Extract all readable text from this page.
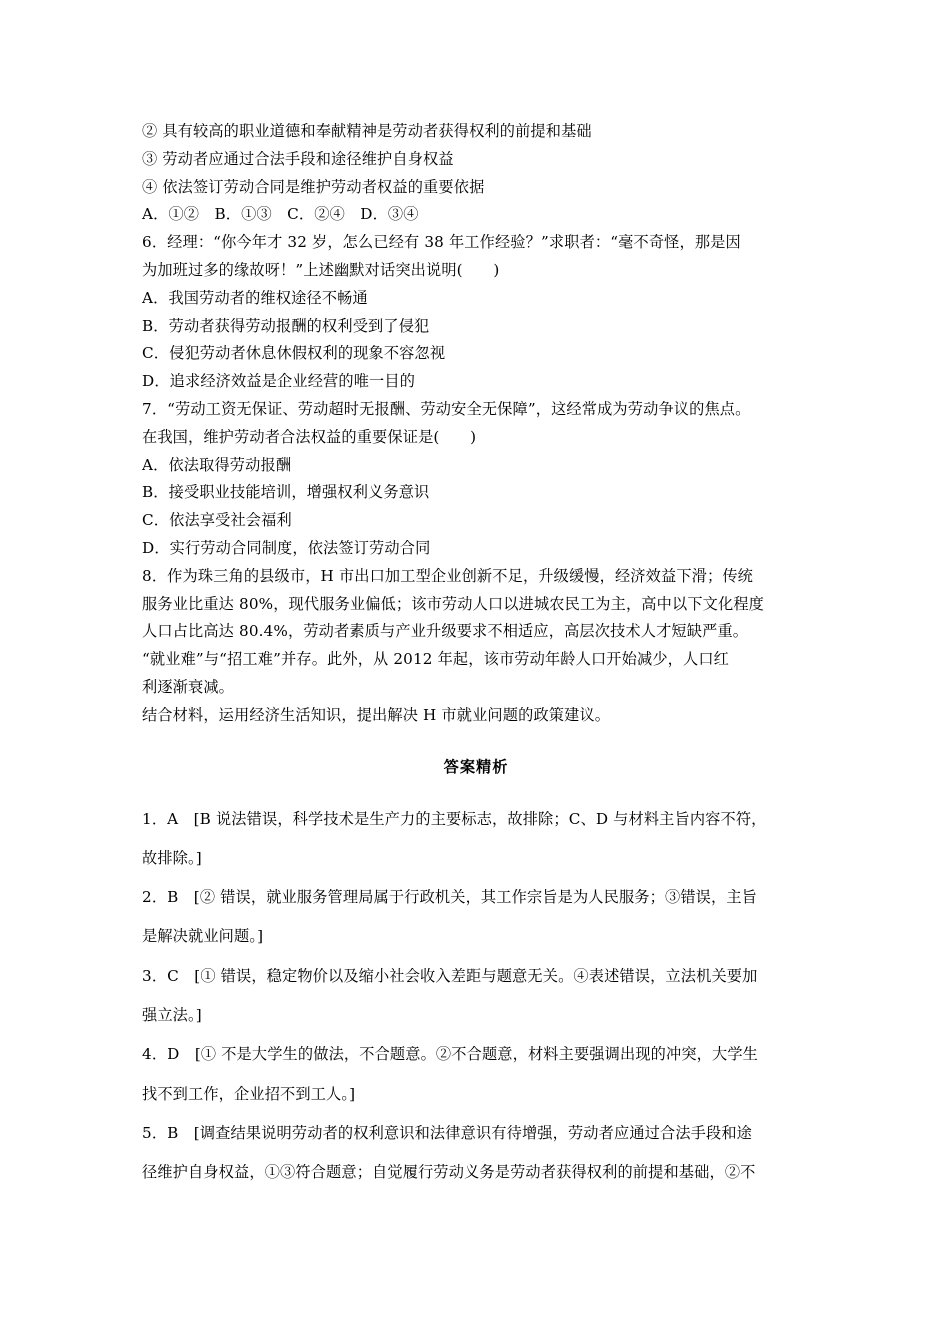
② 具有较高的职业道德和奉献精神是劳动者获得权利的前提和基础
③ 劳动者应通过合法手段和途径维护自身权益
④ 依法签订劳动合同是维护劳动者权益的重要依据
A．①②　B．①③　C．②④　D．③④
6．经理：“你今年才 32 岁，怎么已经有 38 年工作经验？”求职者：“毫不奇怪，那是因
为加班过多的缘故呀！”上述幽默对话突出说明(　　)
A．我国劳动者的维权途径不畅通
B．劳动者获得劳动报酬的权利受到了侵犯
C．侵犯劳动者休息休假权利的现象不容忽视
D．追求经济效益是企业经营的唯一目的
7．“劳动工资无保证、劳动超时无报酬、劳动安全无保障”，这经常成为劳动争议的焦点。
在我国，维护劳动者合法权益的重要保证是(　　)
A．依法取得劳动报酬
B．接受职业技能培训，增强权利义务意识
C．依法享受社会福利
D．实行劳动合同制度，依法签订劳动合同
8．作为珠三角的县级市，H 市出口加工型企业创新不足，升级缓慢，经济效益下滑；传统
服务业比重达 80%，现代服务业偏低；该市劳动人口以进城农民工为主，高中以下文化程度
人口占比高达 80.4%，劳动者素质与产业升级要求不相适应，高层次技术人才短缺严重。
“就业难”与“招工难”并存。此外，从 2012 年起，该市劳动年龄人口开始减少，人口红
利逐渐衰减。
结合材料，运用经济生活知识，提出解决 H 市就业问题的政策建议。
答案精析
1．A　[B 说法错误，科学技术是生产力的主要标志，故排除；C、D 与材料主旨内容不符，
故排除。]
2．B　[② 错误，就业服务管理局属于行政机关，其工作宗旨是为人民服务；③错误，主旨
是解决就业问题。]
3．C　[① 错误，稳定物价以及缩小社会收入差距与题意无关。④表述错误，立法机关要加
强立法。]
4．D　[① 不是大学生的做法，不合题意。②不合题意，材料主要强调出现的冲突，大学生
找不到工作，企业招不到工人。]
5．B　[调查结果说明劳动者的权利意识和法律意识有待增强，劳动者应通过合法手段和途
径维护自身权益，①③符合题意；自觉履行劳动义务是劳动者获得权利的前提和基础，②不
